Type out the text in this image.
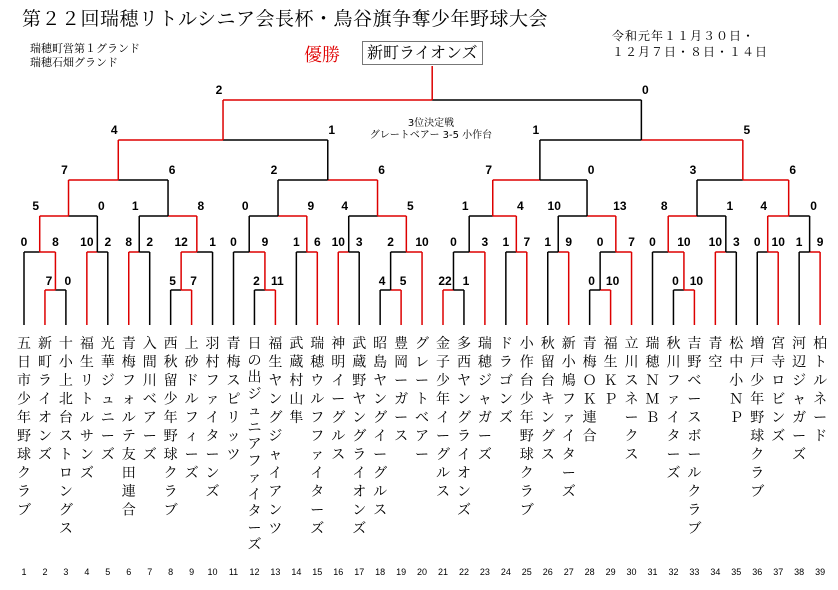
第２２回瑞穂リトルシニア会長杯・鳥谷旗争奪少年野球大会
瑞穂町営第１グランド
瑞穂石畑グランド
令和元年１１月３０日・
１２月７日・８日・１４日
優勝	新町ライオンズ
3位決定戦
グレートベアー 3-5 小作台
7 0	5 7	2 11	4 5	22 1	0 10	0 10
0 8 10 2 8 2 12 1 0 9 1 6 10 3 2 10 0 3 1 7 1 9 0 7 0 10 10 3 0 10 1 9
5	0 1	8	0	9 4	5	1	4 10	13	8	1 4	0
7	6	2	6	7	0	3	6
4	1	1	5
2	0
五日市少年野球クラブ
1
新町ライオンズ
2
十小上北台ストロングス
3
福生リトルサンズ
4
光華ジュニーズ
5
青梅フォルテ友田連合
6
入間川ベアーズ
7
西秋留少年野球クラブ
8
上砂ドルフィーズ
9
羽村ファイターンズ
10
青梅スピリッツ
11
日の出ジュニアファイターズ
12
福生ヤングジャイアンツ
13
武蔵村山隼
14
瑞穂ウルフファイターズ
15
神明イーグルス
16
武蔵野ヤングライオンズ
17
昭島ヤングイーグルス
18
豊岡ーガース
19
グレートベアー
20
金子少年イーグルス
21
多西ヤングライオンズ
22
瑞穂ジャガーズ
23
ドラゴンズ
24
小作台少年野球クラブ
25
秋留台キングス
26
新小鳩ファイターズ
27
青梅ＯＫ連合
28
福生ＫＰ
29
立川スネークス
30
瑞穂ＮＭＢ
31
秋川ファイターズ
32
吉野ベースボールクラブ
33
青空
34
松中小ＮＰ
35
増戸少年野球クラブ
36
宮寺ロビンズ
37
河辺ジャガーズ
38
柏トルネード
39
